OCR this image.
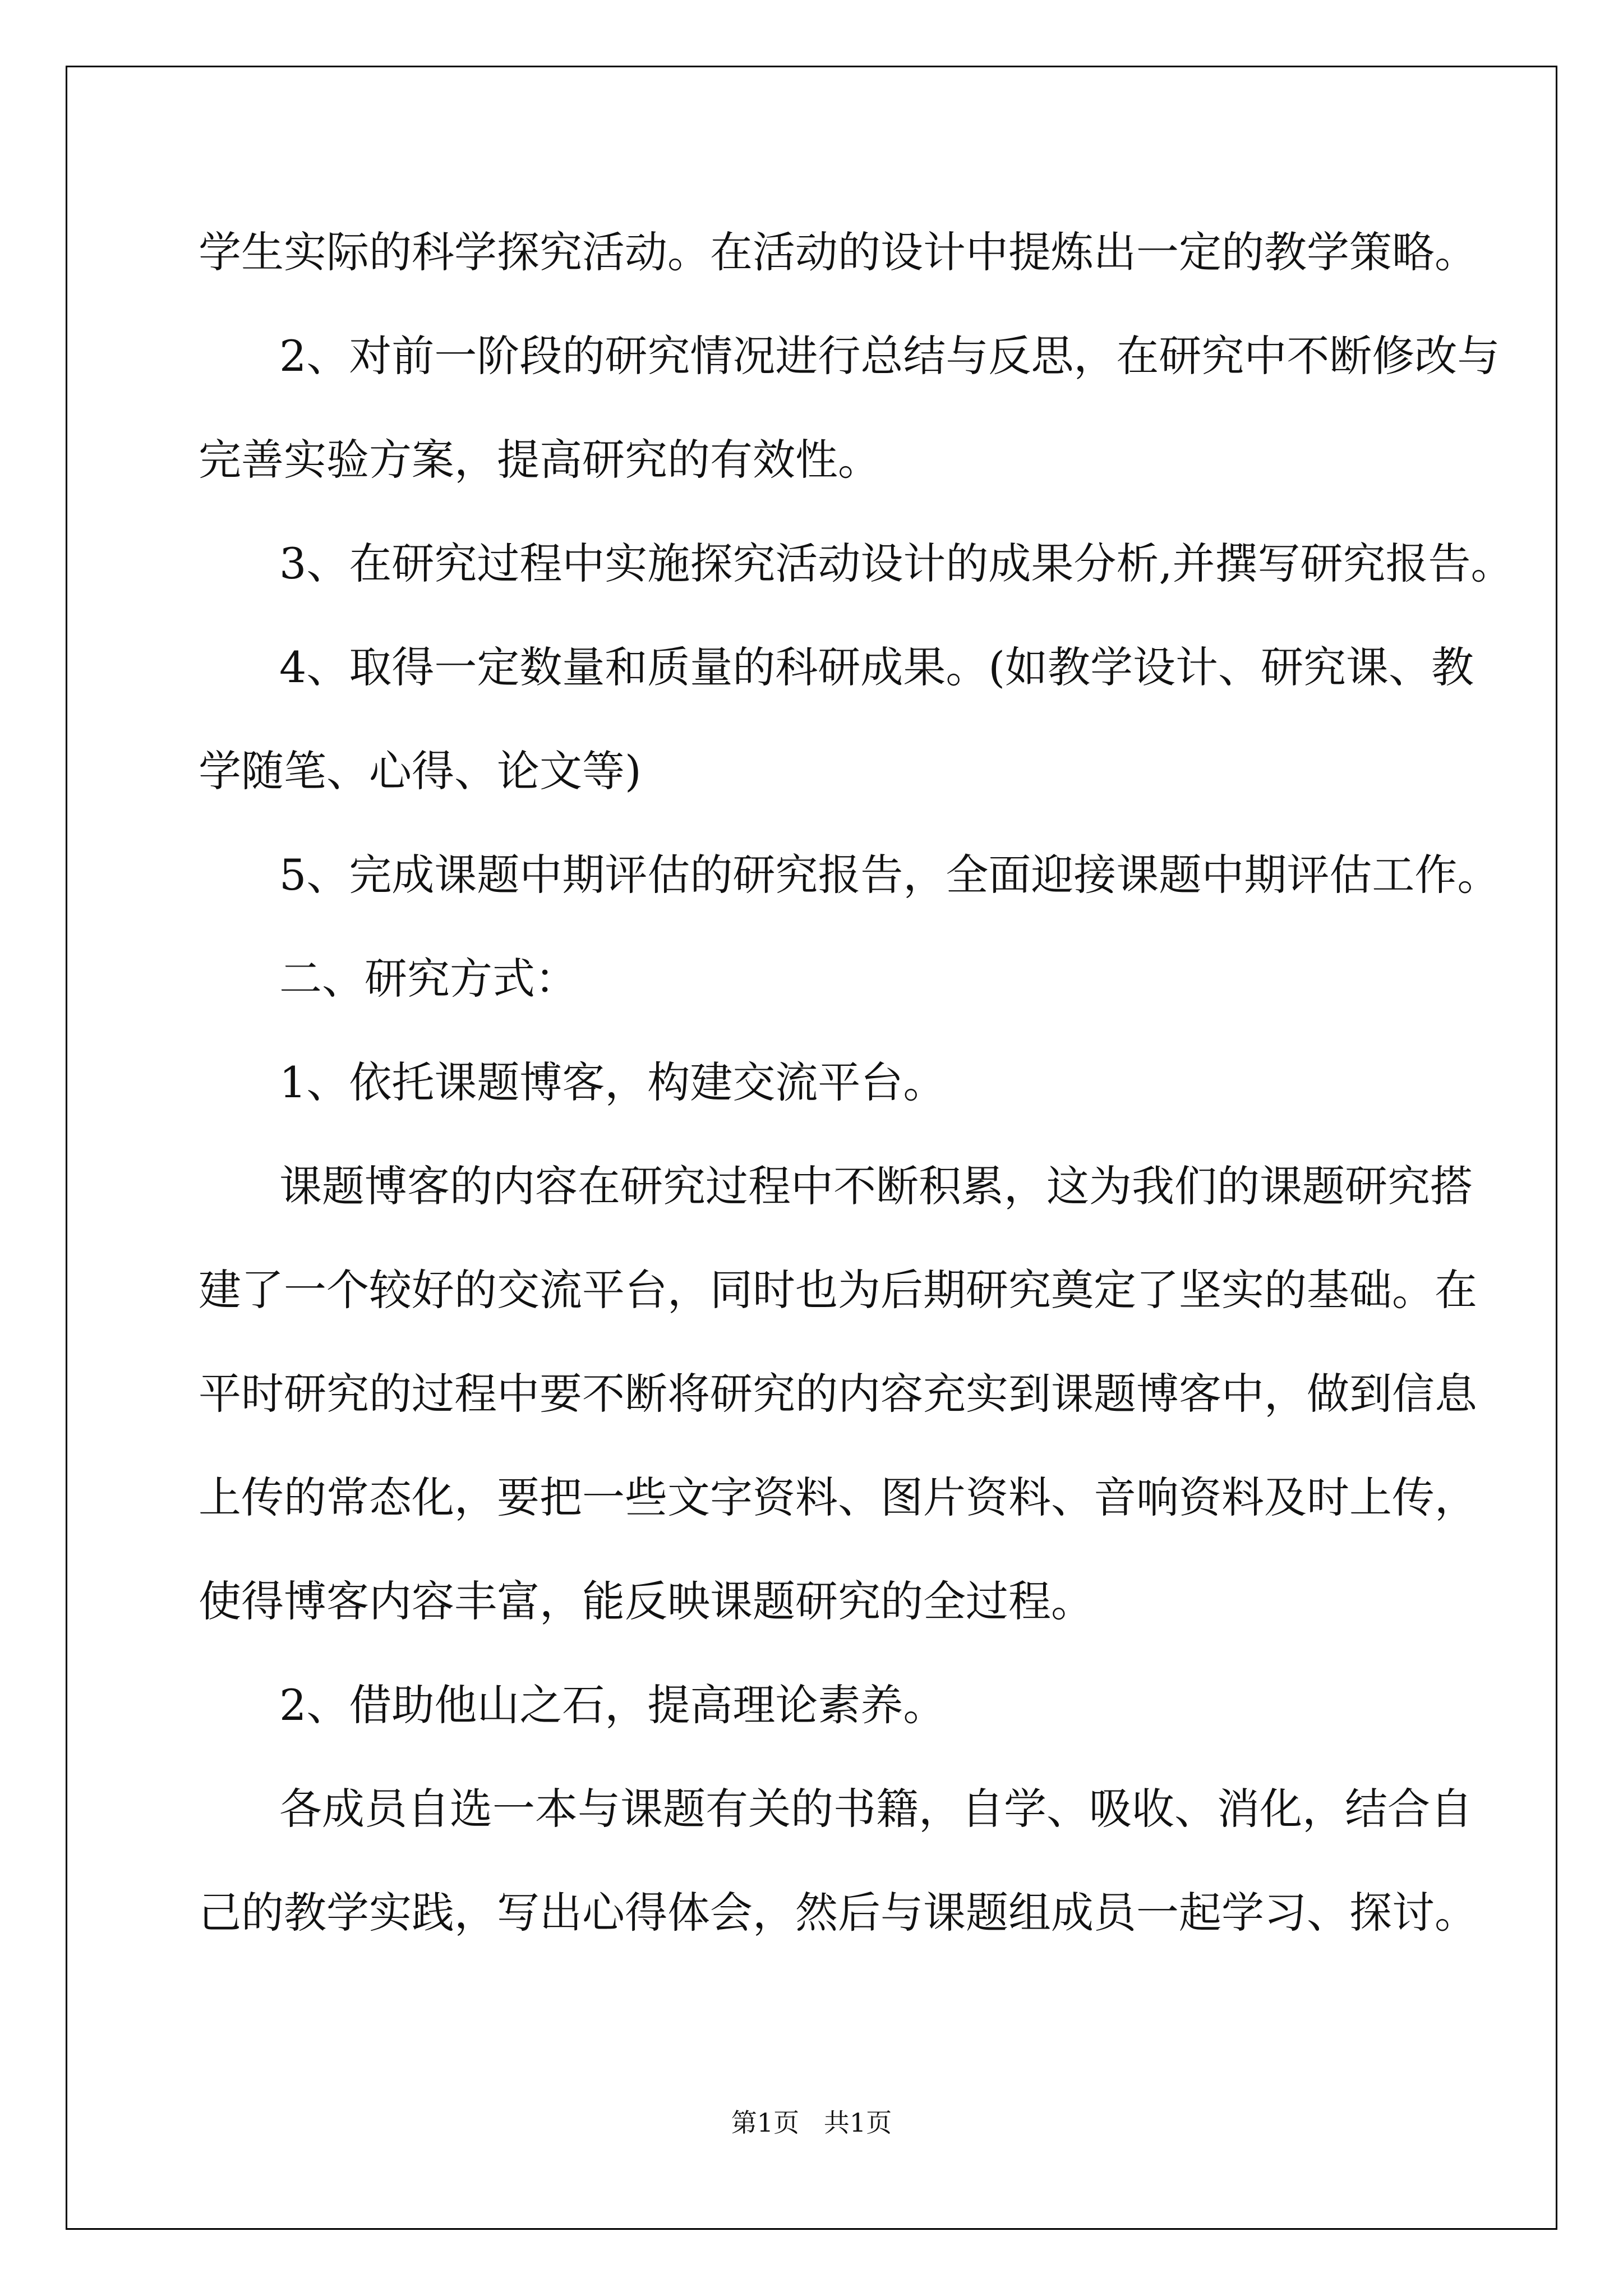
学生实际的科学探究活动。在活动的设计中提炼出一定的教学策略。
2、对前一阶段的研究情况进行总结与反思，在研究中不断修改与
完善实验方案，提高研究的有效性。
3、在研究过程中实施探究活动设计的成果分析,并撰写研究报告。
4、取得一定数量和质量的科研成果。(如教学设计、研究课、教
学随笔、心得、论文等)
5、完成课题中期评估的研究报告，全面迎接课题中期评估工作。
二、研究方式：
1、依托课题博客，构建交流平台。
课题博客的内容在研究过程中不断积累，这为我们的课题研究搭
建了一个较好的交流平台，同时也为后期研究奠定了坚实的基础。在
平时研究的过程中要不断将研究的内容充实到课题博客中，做到信息
上传的常态化，要把一些文字资料、图片资料、音响资料及时上传，
使得博客内容丰富，能反映课题研究的全过程。
2、借助他山之石，提高理论素养。
各成员自选一本与课题有关的书籍，自学、吸收、消化，结合自
己的教学实践，写出心得体会，然后与课题组成员一起学习、探讨。
第1页   共1页
